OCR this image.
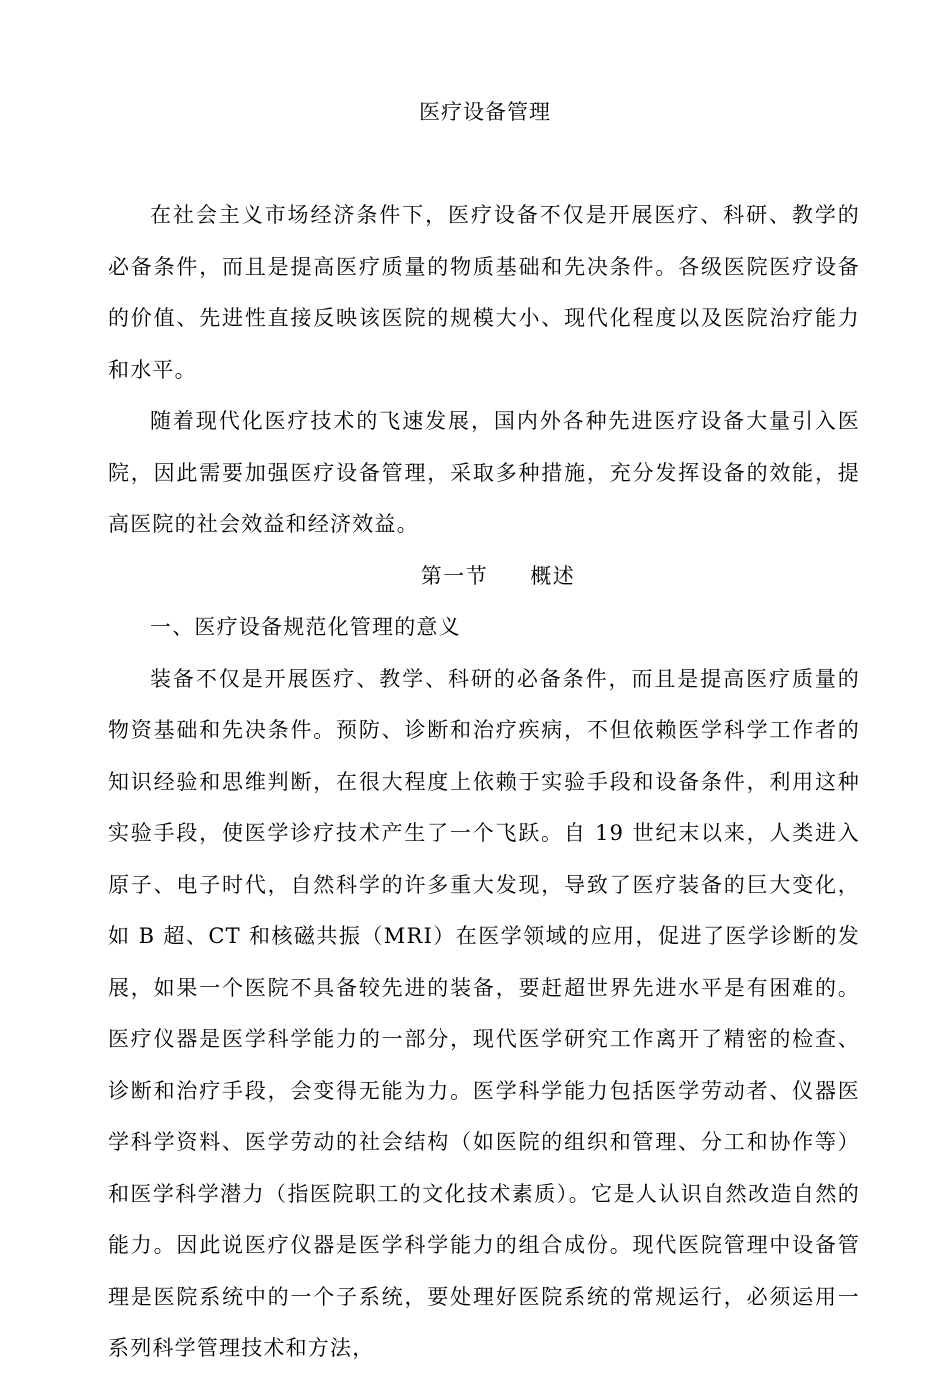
医疗设备管理

在社会主义市场经济条件下，医疗设备不仅是开展医疗、科研、教学的必备条件，而且是提高医疗质量的物质基础和先决条件。各级医院医疗设备的价值、先进性直接反映该医院的规模大小、现代化程度以及医院治疗能力和水平。

随着现代化医疗技术的飞速发展，国内外各种先进医疗设备大量引入医院，因此需要加强医疗设备管理，采取多种措施，充分发挥设备的效能，提高医院的社会效益和经济效益。

第一节 概述

一、医疗设备规范化管理的意义

装备不仅是开展医疗、教学、科研的必备条件，而且是提高医疗质量的物资基础和先决条件。预防、诊断和治疗疾病，不但依赖医学科学工作者的知识经验和思维判断，在很大程度上依赖于实验手段和设备条件，利用这种实验手段，使医学诊疗技术产生了一个飞跃。自 19 世纪末以来，人类进入原子、电子时代，自然科学的许多重大发现，导致了医疗装备的巨大变化，如 B 超、CT 和核磁共振（MRI）在医学领域的应用，促进了医学诊断的发展，如果一个医院不具备较先进的装备，要赶超世界先进水平是有困难的。医疗仪器是医学科学能力的一部分，现代医学研究工作离开了精密的检查、诊断和治疗手段，会变得无能为力。医学科学能力包括医学劳动者、仪器医学科学资料、医学劳动的社会结构（如医院的组织和管理、分工和协作等）和医学科学潜力（指医院职工的文化技术素质）。它是人认识自然改造自然的能力。因此说医疗仪器是医学科学能力的组合成份。现代医院管理中设备管理是医院系统中的一个子系统，要处理好医院系统的常规运行，必须运用一系列科学管理技术和方法，
